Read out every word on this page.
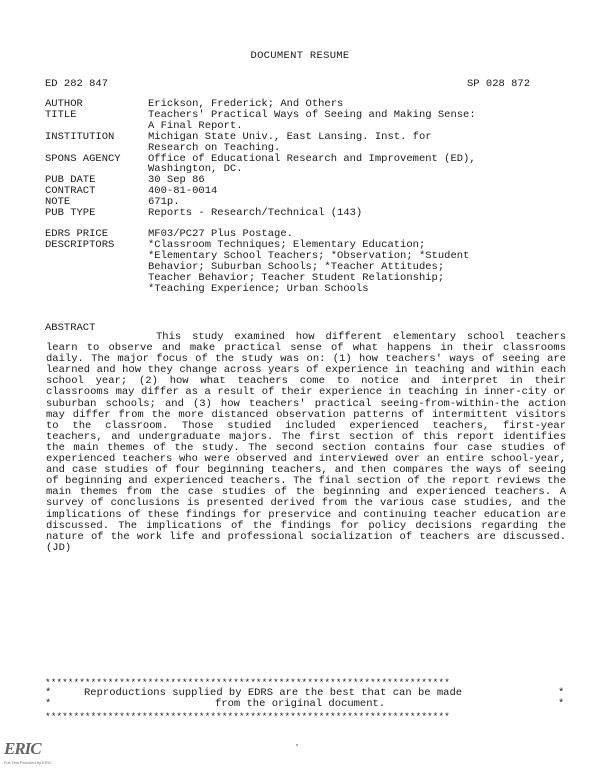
DOCUMENT RESUME
ED 282 847	SP 028 872
AUTHOR	Erickson, Frederick; And Others
TITLE	Teachers' Practical Ways of Seeing and Making Sense:
A Final Report.
INSTITUTION	Michigan State Univ., East Lansing. Inst. for
Research on Teaching.
SPONS AGENCY	Office of Educational Research and Improvement (ED),
Washington, DC.
PUB DATE	30 Sep 86
CONTRACT	400-81-0014
NOTE	671p.
PUB TYPE	Reports - Research/Technical (143)
EDRS PRICE	MF03/PC27 Plus Postage.
DESCRIPTORS	*Classroom Techniques; Elementary Education;
*Elementary School Teachers; *Observation; *Student
Behavior; Suburban Schools; *Teacher Attitudes;
Teacher Behavior; Teacher Student Relationship;
*Teaching Experience; Urban Schools
ABSTRACT
This study examined how different elementary school teachers learn to observe and make practical sense of what happens in their classrooms daily. The major focus of the study was on: (1) how teachers' ways of seeing are learned and how they change across years of experience in teaching and within each school year; (2) how what teachers come to notice and interpret in their classrooms may differ as a result of their experience in teaching in inner-city or suburban schools; and (3) how teachers' practical seeing-from-within-the action may differ from the more distanced observation patterns of intermittent visitors to the classroom. Those studied included experienced teachers, first-year teachers, and undergraduate majors. The first section of this report identifies the main themes of the study. The second section contains four case studies of experienced teachers who were observed and interviewed over an entire school-year, and case studies of four beginning teachers, and then compares the ways of seeing of beginning and experienced teachers. The final section of the report reviews the main themes from the case studies of the beginning and experienced teachers. A survey of conclusions is presented derived from the various case studies, and the implications of these findings for preservice and continuing teacher education are discussed. The implications of the findings for policy decisions regarding the nature of the work life and professional socialization of teachers are discussed. (JD)
***********************************************************************
*	Reproductions supplied by EDRS are the best that can be made	*
*	from the original document.	*
***********************************************************************
ERIC
Full Text Provided by ERIC
